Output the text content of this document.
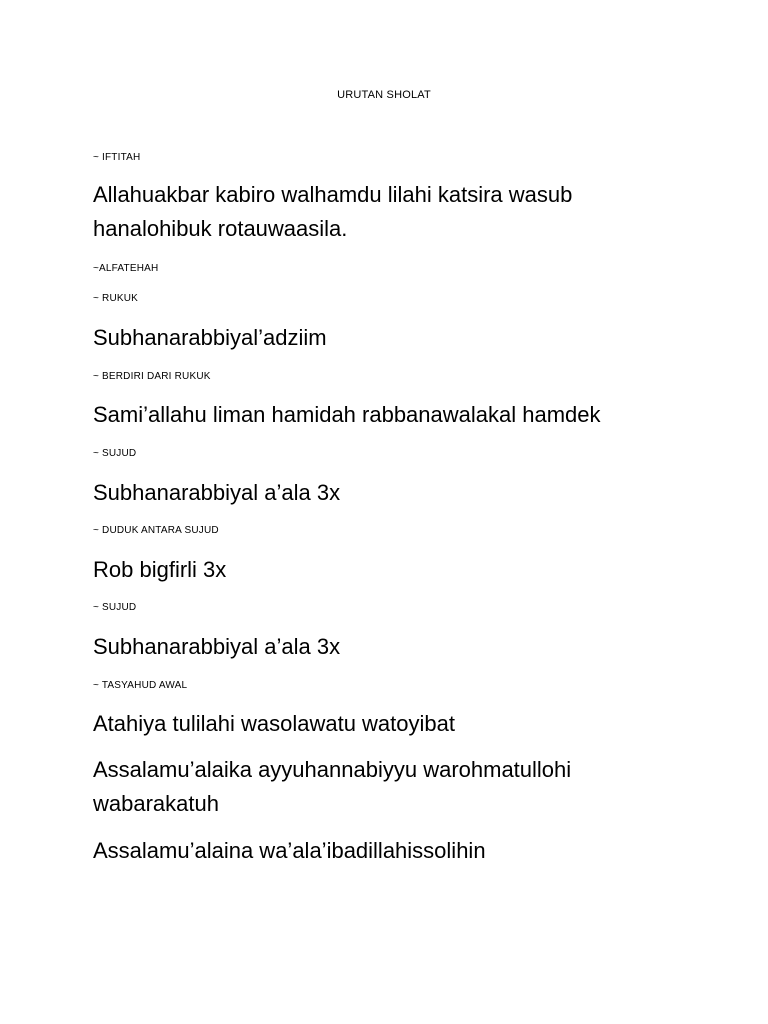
URUTAN SHOLAT
~ IFTITAH
Allahuakbar kabiro walhamdu lilahi katsira wasub hanalohibuk rotauwaasila.
~ALFATEHAH
~ RUKUK
Subhanarabbiyal’adziim
~ BERDIRI DARI RUKUK
Sami’allahu liman hamidah rabbanawalakal hamdek
~ SUJUD
Subhanarabbiyal a’ala 3x
~ DUDUK ANTARA SUJUD
Rob bigfirli 3x
~ SUJUD
Subhanarabbiyal a’ala 3x
~ TASYAHUD AWAL
Atahiya tulilahi wasolawatu watoyibat
Assalamu’alaika ayyuhannabiyyu warohmatullohi wabarakatuh
Assalamu’alaina wa’ala’ibadillahissolihin
